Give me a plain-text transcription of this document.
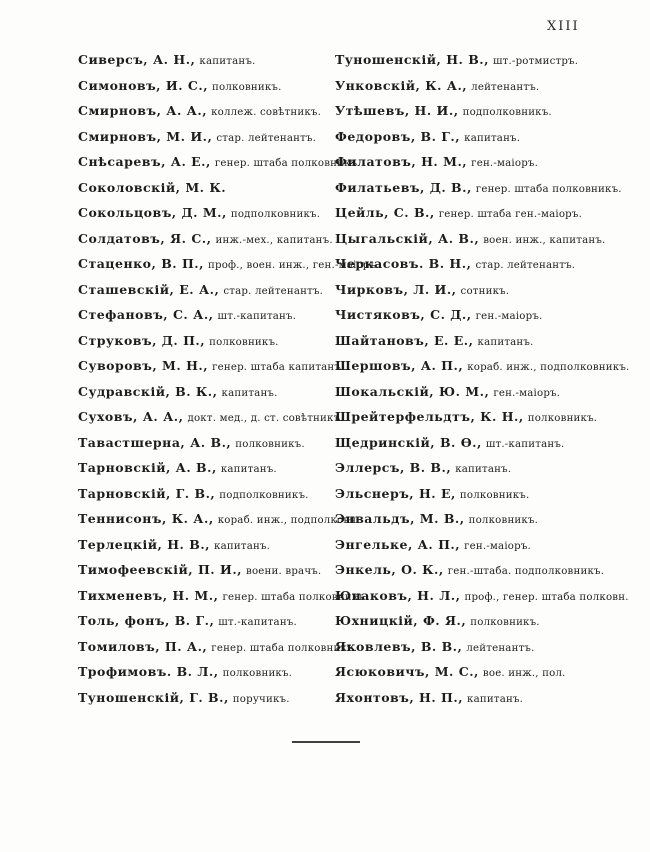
XIII
Сиверсъ, А. Н., капитанъ.
Симоновъ, И. С., полковникъ.
Смирновъ, А. А., коллеж. совѣтникъ.
Смирновъ, М. И., стар. лейтенантъ.
Снѣсаревъ, А. Е., генер. штаба полковникъ.
Соколовскій, М. К.
Сокольцовъ, Д. М., подполковникъ.
Солдатовъ, Я. С., инж.-мех., капитанъ.
Стаценко, В. П., проф., воен. инж., ген.-маіоръ.
Сташевскій, Е. А., стар. лейтенантъ.
Стефановъ, С. А., шт.-капитанъ.
Струковъ, Д. П., полковникъ.
Суворовъ, М. Н., генер. штаба капитанъ.
Судравскій, В. К., капитанъ.
Суховъ, А. А., докт. мед., д. ст. совѣтникъ.
Тавастшерна, А. В., полковникъ.
Тарновскій, А. В., капитанъ.
Тарновскій, Г. В., подполковникъ.
Теннисонъ, К. А., кораб. инж., подполковн.
Терлецкій, Н. В., капитанъ.
Тимофеевскій, П. И., воени. врачъ.
Тихменевъ, Н. М., генер. штаба полковникъ.
Толь, фонъ, В. Г., шт.-капитанъ.
Томиловъ, П. А., генер. штаба полковникъ.
Трофимовъ. В. Л., полковникъ.
Туношенскій, Г. В., поручикъ.
Туношенскій, Н. В., шт.-ротмистръ.
Унковскій, К. А., лейтенантъ.
Утѣшевъ, Н. И., подполковникъ.
Федоровъ, В. Г., капитанъ.
Филатовъ, Н. М., ген.-маіоръ.
Филатьевъ, Д. В., генер. штаба полковникъ.
Цейль, С. В., генер. штаба ген.-маіоръ.
Цыгальскій, А. В., воен. инж., капитанъ.
Черкасовъ. В. Н., стар. лейтенантъ.
Чирковъ, Л. И., сотникъ.
Чистяковъ, С. Д., ген.-маіоръ.
Шайтановъ, Е. Е., капитанъ.
Шершовъ, А. П., кораб. инж., подполковникъ.
Шокальскій, Ю. М., ген.-маіоръ.
Шрейтерфельдтъ, К. Н., полковникъ.
Щедринскій, В. Ѳ., шт.-капитанъ.
Эллерсъ, В. В., капитанъ.
Эльснеръ, Н. Е, полковникъ.
Энвальдъ, М. В., полковникъ.
Энгельке, А. П., ген.-маіоръ.
Энкель, О. К., ген.-штаба. подполковникъ.
Юнаковъ, Н. Л., проф., генер. штаба полковн.
Юхницкій, Ф. Я., полковникъ.
Яковлевъ, В. В., лейтенантъ.
Ясюковичъ, М. С., вое. инж., пол.
Яхонтовъ, Н. П., капитанъ.
